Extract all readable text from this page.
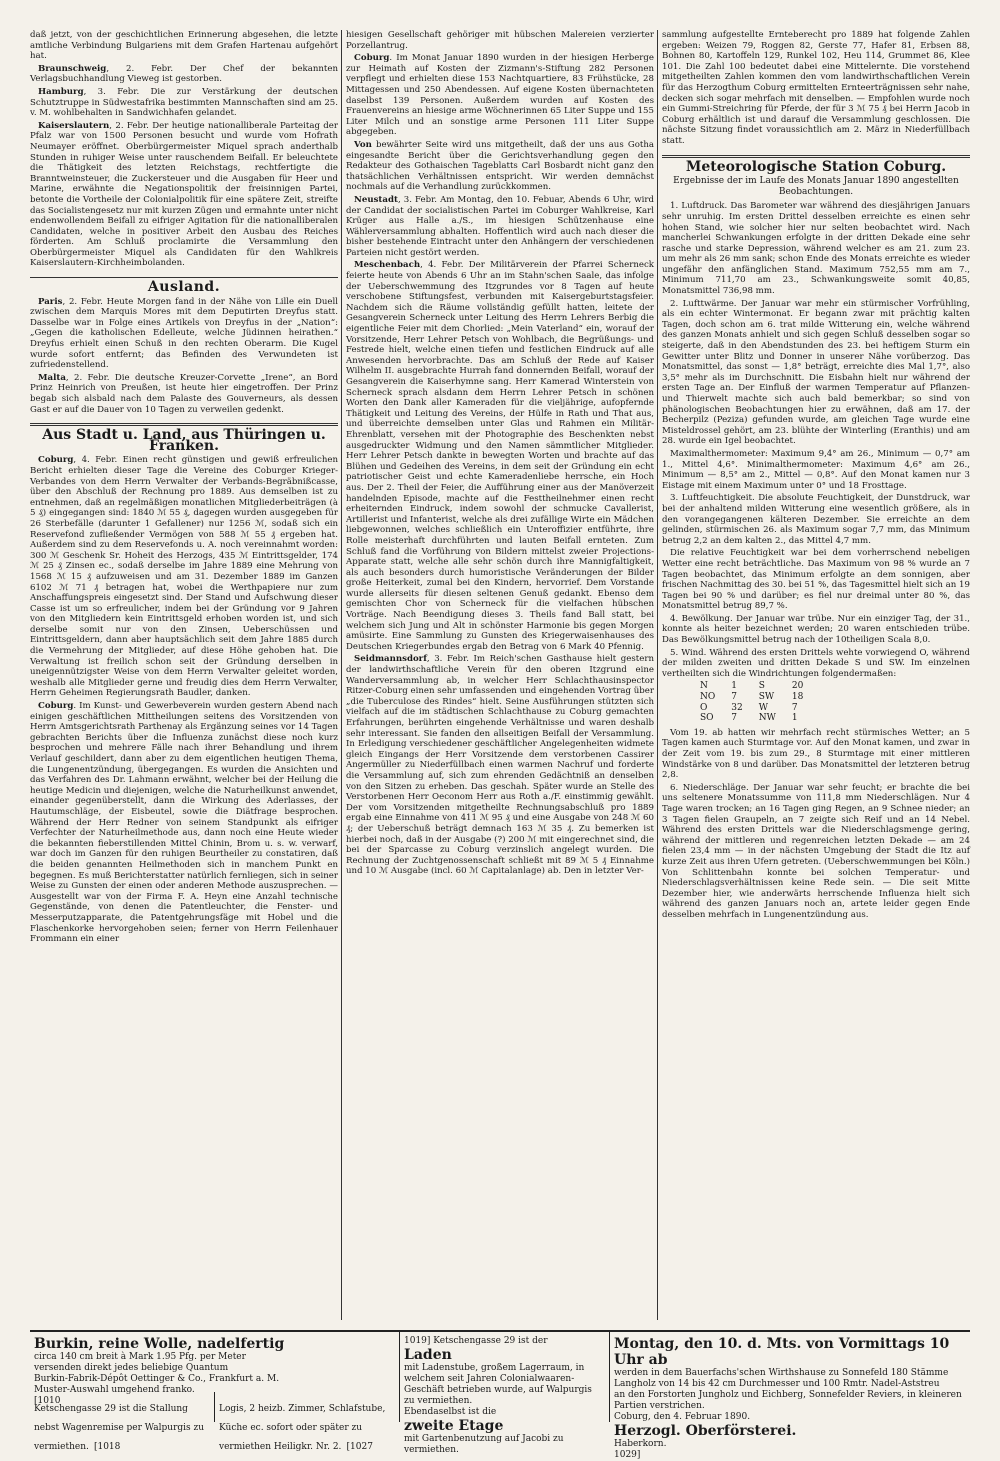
daß jetzt, von der geschichtlichen Erinnerung abgesehen, die letzte amtliche Verbindung Bulgariens mit dem Grafen Hartenau aufgehört hat.

Braunschweig, 2. Febr. Der Chef der bekannten Verlagsbuchhandlung Vieweg ist gestorben.

Hamburg, 3. Febr. Die zur Verstärkung der deutschen Schutztruppe in Südwestafrika bestimmten Mannschaften sind am 25. v. M. wohlbehalten in Sandwichhafen gelandet.

Kaiserslautern, 2. Febr. Der heutige nationalliberale Parteitag der Pfalz war von 1500 Personen besucht und wurde vom Hofrath Neumayer eröffnet. Oberbürgermeister Miquel sprach anderthalb Stunden in ruhiger Weise unter rauschendem Beifall. Er beleuchtete die Thätigkeit des letzten Reichstags, rechtfertigte die Branntweinsteuer, die Zuckersteuer und die Ausgaben für Heer und Marine, erwähnte die Negationspolitik der freisinnigen Partei, betonte die Vortheile der Colonialpolitik für eine spätere Zeit, streifte das Socialistengesetz nur mit kurzen Zügen und ermahnte unter nicht endenwollendem Beifall zu eifriger Agitation für die nationalliberalen Candidaten, welche in positiver Arbeit den Ausbau des Reiches förderten. Am Schluß proclamirte die Versammlung den Oberbürgermeister Miquel als Candidaten für den Wahlkreis Kaiserslautern-Kirchheimbolanden.

Ausland.

Paris, 2. Febr. Heute Morgen fand in der Nähe von Lille ein Duell zwischen dem Marquis Mores mit dem Deputirten Dreyfus statt. Dasselbe war in Folge eines Artikels von Dreyfus in der „Nation“: „Gegen die katholischen Edelleute, welche Jüdinnen heirathen.“ Dreyfus erhielt einen Schuß in den rechten Oberarm. Die Kugel wurde sofort entfernt; das Befinden des Verwundeten ist zufriedenstellend.

Malta, 2. Febr. Die deutsche Kreuzer-Corvette „Irene“, an Bord Prinz Heinrich von Preußen, ist heute hier eingetroffen. Der Prinz begab sich alsbald nach dem Palaste des Gouverneurs, als dessen Gast er auf die Dauer von 10 Tagen zu verweilen gedenkt.

Aus Stadt u. Land, aus Thüringen u. Franken.

Coburg, 4. Febr. Einen recht günstigen und gewiß erfreulichen Bericht erhielten dieser Tage die Vereine des Coburger Krieger-Verbandes von dem Herrn Verwalter der Verbands-Begräbnißcasse, über den Abschluß der Rechnung pro 1889. Aus demselben ist zu entnehmen, daß an regelmäßigen monatlichen Mitgliederbeiträgen (à 5 ₰) eingegangen sind: 1840 ℳ 55 ₰, dagegen wurden ausgegeben für 26 Sterbefälle (darunter 1 Gefallener) nur 1256 ℳ, sodaß sich ein Reservefond zufließender Vermögen von 588 ℳ 55 ₰ ergeben hat. Außerdem sind zu dem Reservefonds u. A. noch vereinnahmt worden: 300 ℳ Geschenk Sr. Hoheit des Herzogs, 435 ℳ Eintrittsgelder, 174 ℳ 25 ₰ Zinsen ec., sodaß derselbe im Jahre 1889 eine Mehrung von 1568 ℳ 15 ₰ aufzuweisen und am 31. Dezember 1889 im Ganzen 6102 ℳ 71 ₰ betragen hat, wobei die Werthpapiere nur zum Anschaffungspreis eingesetzt sind. Der Stand und Aufschwung dieser Casse ist um so erfreulicher, indem bei der Gründung vor 9 Jahren von den Mitgliedern kein Eintrittsgeld erhoben worden ist, und sich derselbe somit nur von den Zinsen, Ueberschüssen und Eintrittsgeldern, dann aber hauptsächlich seit dem Jahre 1885 durch die Vermehrung der Mitglieder, auf diese Höhe gehoben hat. Die Verwaltung ist freilich schon seit der Gründung derselben in uneigennützigster Weise von dem Herrn Verwalter geleitet worden, weshalb alle Mitglieder gerne und freudig dies dem Herrn Verwalter, Herrn Geheimen Regierungsrath Baudler, danken.

Coburg. Im Kunst- und Gewerbeverein wurden gestern Abend nach einigen geschäftlichen Mittheilungen seitens des Vorsitzenden von Herrn Amtsgerichtsrath Parthenay als Ergänzung seines vor 14 Tagen gebrachten Berichts über die Influenza zunächst diese noch kurz besprochen und mehrere Fälle nach ihrer Behandlung und ihrem Verlauf geschildert, dann aber zu dem eigentlichen heutigen Thema, die Lungenentzündung, übergegangen. Es wurden die Ansichten und das Verfahren des Dr. Lahmann erwähnt, welcher bei der Heilung die heutige Medicin und diejenigen, welche die Naturheilkunst anwendet, einander gegenüberstellt, dann die Wirkung des Aderlasses, der Hautumschläge, der Eisbeutel, sowie die Diätfrage besprochen. Während der Herr Redner von seinem Standpunkt als eifriger Verfechter der Naturheilmethode aus, dann noch eine Heute wieder die bekannten fieberstillenden Mittel Chinin, Brom u. s. w. verwarf, war doch im Ganzen für den ruhigen Beurtheiler zu constatiren, daß die beiden genannten Heilmethoden sich in manchem Punkt en begegnen. Es muß Berichterstatter natürlich fernliegen, sich in seiner Weise zu Gunsten der einen oder anderen Methode auszusprechen. — Ausgestellt war von der Firma F. A. Heyn eine Anzahl technische Gegenstände, von denen die Patentleuchter, die Fenster- und Messerputzapparate, die Patentgehrungsfäge mit Hobel und die Flaschenkorke hervorgehoben seien; ferner von Herrn Feilenhauer Frommann ein einer

hiesigen Gesellschaft gehöriger mit hübschen Malereien verzierter Porzellantrug.

Coburg. Im Monat Januar 1890 wurden in der hiesigen Herberge zur Heimath auf Kosten der Zizmann's-Stiftung 282 Personen verpflegt und erhielten diese 153 Nachtquartiere, 83 Frühstücke, 28 Mittagessen und 250 Abendessen. Auf eigene Kosten übernachteten daselbst 139 Personen. Außerdem wurden auf Kosten des Frauenvereins an hiesige arme Wöchnerinnen 65 Liter Suppe und 155 Liter Milch und an sonstige arme Personen 111 Liter Suppe abgegeben.

Von bewährter Seite wird uns mitgetheilt, daß der uns aus Gotha eingesandte Bericht über die Gerichtsverhandlung gegen den Redakteur des Gothaischen Tageblatts Carl Bosbardt nicht ganz den thatsächlichen Verhältnissen entspricht. Wir werden demnächst nochmals auf die Verhandlung zurückkommen.

Neustadt, 3. Febr. Am Montag, den 10. Febuar, Abends 6 Uhr, wird der Candidat der socialistischen Partei im Coburger Wahlkreise, Karl Krüger aus Halle a./S., im hiesigen Schützenhause eine Wählerversammlung abhalten. Hoffentlich wird auch nach dieser die bisher bestehende Eintracht unter den Anhängern der verschiedenen Parteien nicht gestört werden.

Meschenbach, 4. Febr. Der Militärverein der Pfarrei Scherneck feierte heute von Abends 6 Uhr an im Stahn'schen Saale, das infolge der Ueberschwemmung des Itzgrundes vor 8 Tagen auf heute verschobene Stiftungsfest, verbunden mit Kaisergeburtstagsfeier. Nachdem sich die Räume vollständig gefüllt hatten, leitete der Gesangverein Scherneck unter Leitung des Herrn Lehrers Berbig die eigentliche Feier mit dem Chorlied: „Mein Vaterland“ ein, worauf der Vorsitzende, Herr Lehrer Petsch von Wohlbach, die Begrüßungs- und Festrede hielt, welche einen tiefen und festlichen Eindruck auf alle Anwesenden hervorbrachte. Das am Schluß der Rede auf Kaiser Wilhelm II. ausgebrachte Hurrah fand donnernden Beifall, worauf der Gesangverein die Kaiserhymne sang. Herr Kamerad Winterstein von Scherneck sprach alsdann dem Herrn Lehrer Petsch in schönen Worten den Dank aller Kameraden für die vieljährige, aufopfernde Thätigkeit und Leitung des Vereins, der Hülfe in Rath und That aus, und überreichte demselben unter Glas und Rahmen ein Militär-Ehrenblatt, versehen mit der Photographie des Beschenkten nebst ausgedruckter Widmung und den Namen sämmtlicher Mitglieder. Herr Lehrer Petsch dankte in bewegten Worten und brachte auf das Blühen und Gedeihen des Vereins, in dem seit der Gründung ein echt patriotischer Geist und echte Kameradenliebe herrsche, ein Hoch aus. Der 2. Theil der Feier, die Aufführung einer aus der Manöverzeit handelnden Episode, machte auf die Festtheilnehmer einen recht erheiternden Eindruck, indem sowohl der schmucke Cavallerist, Artillerist und Infanterist, welche als drei zufällige Wirte ein Mädchen liebgewonnen, welches schließlich ein Unteroffizier entführte, ihre Rolle meisterhaft durchführten und lauten Beifall ernteten. Zum Schluß fand die Vorführung von Bildern mittelst zweier Projections-Apparate statt, welche alle sehr schön durch ihre Mannigfaltigkeit, als auch besonders durch humoristische Veränderungen der Bilder große Heiterkeit, zumal bei den Kindern, hervorrief. Dem Vorstande wurde allerseits für diesen seltenen Genuß gedankt. Ebenso dem gemischten Chor von Scherneck für die vielfachen hübschen Vorträge. Nach Beendigung dieses 3. Theils fand Ball statt, bei welchem sich Jung und Alt in schönster Harmonie bis gegen Morgen amüsirte. Eine Sammlung zu Gunsten des Kriegerwaisenhauses des Deutschen Kriegerbundes ergab den Betrag von 6 Mark 40 Pfennig.

Seidmannsdorf, 3. Febr. Im Reich'schen Gasthause hielt gestern der landwirthschaftliche Verein für den oberen Itzgrund eine Wanderversammlung ab, in welcher Herr Schlachthausinspector Ritzer-Coburg einen sehr umfassenden und eingehenden Vortrag über „die Tuberculose des Rindes“ hielt. Seine Ausführungen stützten sich vielfach auf die im städtischen Schlachthause zu Coburg gemachten Erfahrungen, berührten eingehende Verhältnisse und waren deshalb sehr interessant. Sie fanden den allseitigen Beifall der Versammlung. In Erledigung verschiedener geschäftlicher Angelegenheiten widmete gleich Eingangs der Herr Vorsitzende dem verstorbenen Cassirer Angermüller zu Niederfüllbach einen warmen Nachruf und forderte die Versammlung auf, sich zum ehrenden Gedächtniß an denselben von den Sitzen zu erheben. Das geschah. Später wurde an Stelle des Verstorbenen Herr Oeconom Herr aus Roth a./F. einstimmig gewählt. Der vom Vorsitzenden mitgetheilte Rechnungsabschluß pro 1889 ergab eine Einnahme von 411 ℳ 95 ₰ und eine Ausgabe von 248 ℳ 60 ₰; der Ueberschuß beträgt demnach 163 ℳ 35 ₰. Zu bemerken ist hierbei noch, daß in der Ausgabe (?) 200 ℳ mit eingerechnet sind, die bei der Sparcasse zu Coburg verzinslich angelegt wurden. Die Rechnung der Zuchtgenossenschaft schließt mit 89 ℳ 5 ₰ Einnahme und 10 ℳ Ausgabe (incl. 60 ℳ Capitalanlage) ab. Den in letzter Ver-

sammlung aufgestellte Ernteberecht pro 1889 hat folgende Zahlen ergeben: Weizen 79, Roggen 82, Gerste 77, Hafer 81, Erbsen 88, Bohnen 80, Kartoffeln 129, Runkel 102, Heu 114, Grummet 86, Klee 101. Die Zahl 100 bedeutet dabei eine Mittelernte. Die vorstehend mitgetheilten Zahlen kommen den vom landwirthschaftlichen Verein für das Herzogthum Coburg ermittelten Ernteerträgnissen sehr nahe, decken sich sogar mehrfach mit denselben. — Empfohlen wurde noch ein Gummi-Streichring für Pferde, der für 3 ℳ 75 ₰ bei Herrn Jacob in Coburg erhältlich ist und darauf die Versammlung geschlossen. Die nächste Sitzung findet voraussichtlich am 2. März in Niederfüllbach statt.

Meteorologische Station Coburg.
Ergebnisse der im Laufe des Monats Januar 1890 angestellten Beobachtungen.

1. Luftdruck. Das Barometer war während des diesjährigen Januars sehr unruhig. Im ersten Drittel desselben erreichte es einen sehr hohen Stand, wie solcher hier nur selten beobachtet wird. Nach mancherlei Schwankungen erfolgte in der dritten Dekade eine sehr rasche und starke Depression, während welcher es am 21. zum 23. um mehr als 26 mm sank; schon Ende des Monats erreichte es wieder ungefähr den anfänglichen Stand. Maximum 752,55 mm am 7., Minimum 711,70 am 23., Schwankungsweite somit 40,85, Monatsmittel 736,98 mm.

2. Lufttwärme. Der Januar war mehr ein stürmischer Vorfrühling, als ein echter Wintermonat. Er begann zwar mit prächtig kalten Tagen, doch schon am 6. trat milde Witterung ein, welche während des ganzen Monats anhielt und sich gegen Schluß desselben sogar so steigerte, daß in den Abendstunden des 23. bei heftigem Sturm ein Gewitter unter Blitz und Donner in unserer Nähe vorüberzog. Das Monatsmittel, das sonst — 1,8° beträgt, erreichte dies Mal 1,7°, also 3,5° mehr als im Durchschnitt. Die Eisbahn hielt nur während der ersten Tage an. Der Einfluß der warmen Temperatur auf Pflanzen- und Thierwelt machte sich auch bald bemerkbar; so sind von phänologischen Beobachtungen hier zu erwähnen, daß am 17. der Becherpilz (Peziza) gefunden wurde, am gleichen Tage wurde eine Misteldrossel gehört, am 23. blühte der Winterling (Eranthis) und am 28. wurde ein Igel beobachtet.

Maximalthermometer: Maximum 9,4° am 26., Minimum — 0,7° am 1., Mittel 4,6°. Minimalthermometer: Maximum 4,6° am 26., Minimum — 8,5° am 2., Mittel — 0,8°. Auf den Monat kamen nur 3 Eistage mit einem Maximum unter 0° und 18 Frosttage.

3. Luftfeuchtigkeit. Die absolute Feuchtigkeit, der Dunstdruck, war bei der anhaltend milden Witterung eine wesentlich größere, als in den vorangegangenen kälteren Dezember. Sie erreichte an dem gelinden, stürmischen 26. als Maximum sogar 7,7 mm, das Minimum betrug 2,2 an dem kalten 2., das Mittel 4,7 mm.

Die relative Feuchtigkeit war bei dem vorherrschend nebeligen Wetter eine recht beträchtliche. Das Maximum von 98 % wurde an 7 Tagen beobachtet, das Minimum erfolgte an dem sonnigen, aber frischen Nachmittag des 30. bei 51 %, das Tagesmittel hielt sich an 19 Tagen bei 90 % und darüber; es fiel nur dreimal unter 80 %, das Monatsmittel betrug 89,7 %.

4. Bewölkung. Der Januar war trübe. Nur ein einziger Tag, der 31., konnte als heiter bezeichnet werden; 20 waren entschieden trübe. Das Bewölkungsmittel betrug nach der 10theiligen Scala 8,0.

5. Wind. Während des ersten Drittels wehte vorwiegend O, während der milden zweiten und dritten Dekade S und SW. Im einzelnen vertheilten sich die Windrichtungen folgendermaßen:

N	1	S	20
NO	7	SW	18
O	32	W	7
SO	7	NW	1

Vom 19. ab hatten wir mehrfach recht stürmisches Wetter; an 5 Tagen kamen auch Sturmtage vor. Auf den Monat kamen, und zwar in der Zeit vom 19. bis zum 29., 8 Sturmtage mit einer mittleren Windstärke von 8 und darüber. Das Monatsmittel der letzteren betrug 2,8.

6. Niederschläge. Der Januar war sehr feucht; er brachte die bei uns seltenere Monatssumme von 111,8 mm Niederschlägen. Nur 4 Tage waren trocken; an 16 Tagen ging Regen, an 9 Schnee nieder; an 3 Tagen fielen Graupeln, an 7 zeigte sich Reif und an 14 Nebel. Während des ersten Drittels war die Niederschlagsmenge gering, während der mittleren und regenreichen letzten Dekade — am 24 fielen 23,4 mm — in der nächsten Umgebung der Stadt die Itz auf kurze Zeit aus ihren Ufern getreten. (Ueberschwemmungen bei Köln.) Von Schlittenbahn konnte bei solchen Temperatur- und Niederschlagsverhältnissen keine Rede sein. — Die seit Mitte Dezember hier, wie anderwärts herrschende Influenza hielt sich während des ganzen Januars noch an, artete leider gegen Ende desselben mehrfach in Lungenentzündung aus.

Burkin, reine Wolle, nadelfertig
circa 140 cm breit à Mark 1.95 Pfg. per Meter
versenden direkt jedes beliebige Quantum
Burkin-Fabrik-Dépôt Oettinger & Co., Frankfurt a. M.
Muster-Auswahl umgehend franko.
[1010
1019] Ketschengasse 29 ist der
Laden
mit Ladenstube, großem Lagerraum, in welchem seit Jahren Colonialwaaren-Geschäft betrieben wurde, auf Walpurgis zu vermiethen.
Ebendaselbst ist die
zweite Etage
mit Gartenbenutzung auf Jacobi zu vermiethen.
Montag, den 10. d. Mts. von Vormittags 10 Uhr ab
werden in dem Bauerfachs'schen Wirthshause zu Sonnefeld 180 Stämme Langholz von 14 bis 42 cm Durchmesser und 100 Rmtr. Nadel-Aststreu
an den Forstorten Jungholz und Eichberg, Sonnefelder Reviers, in kleineren Partien verstrichen.
Coburg, den 4. Februar 1890.
Herzogl. Oberförsterei.
Haberkorn.
1029]
Ketschengasse 29 ist die Stallung nebst Wagenremise per Walpurgis zu vermiethen. [1018
Logis, 2 heizb. Zimmer, Schlafstube, Küche ec. sofort oder später zu vermiethen Heiligkr. Nr. 2. [1027
